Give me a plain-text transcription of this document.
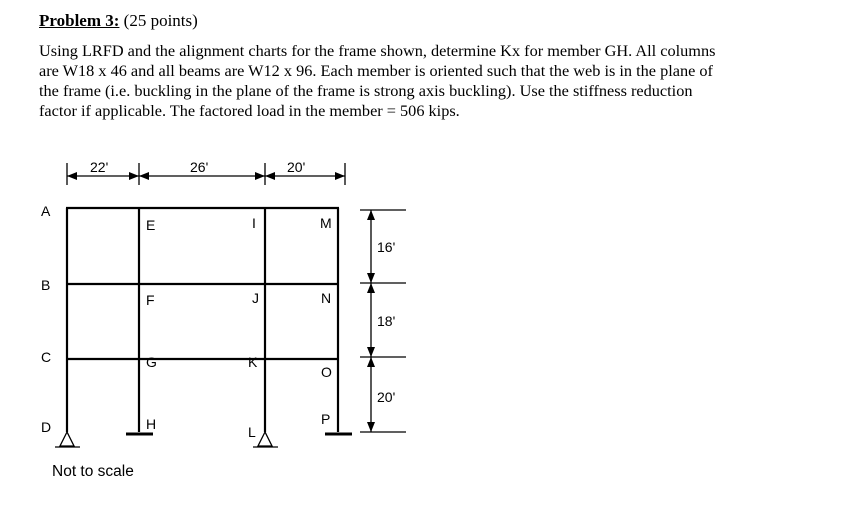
Problem 3: (25 points)
Using LRFD and the alignment charts for the frame shown, determine Kx for member GH. All columns
are W18 x 46 and all beams are W12 x 96. Each member is oriented such that the web is in the plane of
the frame (i.e. buckling in the plane of the frame is strong axis buckling). Use the stiffness reduction
factor if applicable. The factored load in the member = 506 kips.
22'	26'	20'
16'
18'
20'
A
B
C
D
E
F
G
H
I
J
K
L
M
N
O
P
Not to scale
